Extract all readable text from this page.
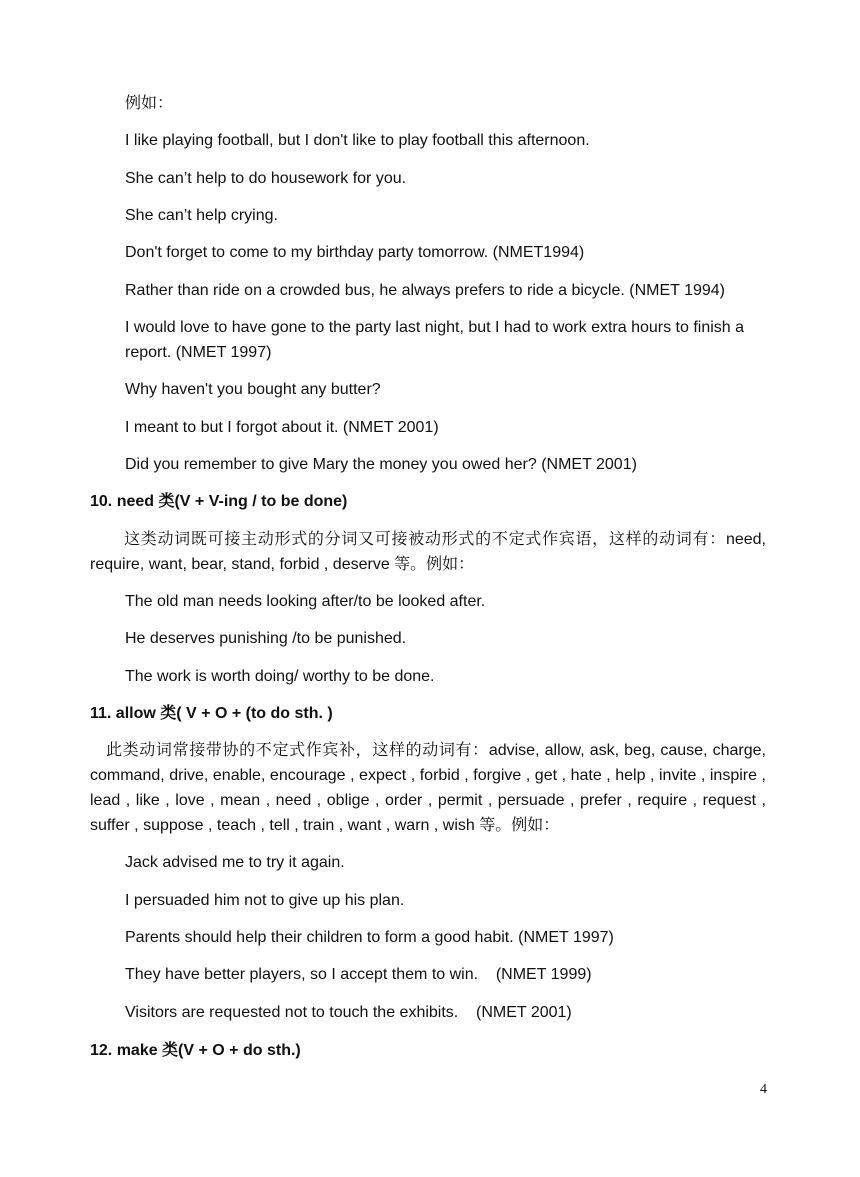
例如：
I like playing football, but I don't like to play football this afternoon.
She can’t help to do housework for you.
She can’t help crying.
Don't forget to come to my birthday party tomorrow. (NMET1994)
Rather than ride on a crowded bus, he always prefers to ride a bicycle. (NMET 1994)
I would love to have gone to the party last night, but I had to work extra hours to finish a report. (NMET 1997)
Why haven't you bought any butter?
I meant to but I forgot about it. (NMET 2001)
Did you remember to give Mary the money you owed her? (NMET 2001)
10. need 类(V + V-ing / to be done)
这类动词既可接主动形式的分词又可接被动形式的不定式作宾语，这样的动词有：need, require, want, bear, stand, forbid , deserve 等。例如：
The old man needs looking after/to be looked after.
He deserves punishing /to be punished.
The work is worth doing/ worthy to be done.
11. allow 类( V + O + (to do sth. )
此类动词常接带协的不定式作宾补，这样的动词有：advise, allow, ask, beg, cause, charge, command, drive, enable, encourage , expect , forbid , forgive , get , hate , help , invite , inspire , lead , like , love , mean , need , oblige , order , permit , persuade , prefer , require , request , suffer , suppose , teach , tell , train , want , warn , wish 等。例如：
Jack advised me to try it again.
I persuaded him not to give up his plan.
Parents should help their children to form a good habit. (NMET 1997)
They have better players, so I accept them to win.    (NMET 1999)
Visitors are requested not to touch the exhibits.    (NMET 2001)
12. make 类(V + O + do sth.)
4
